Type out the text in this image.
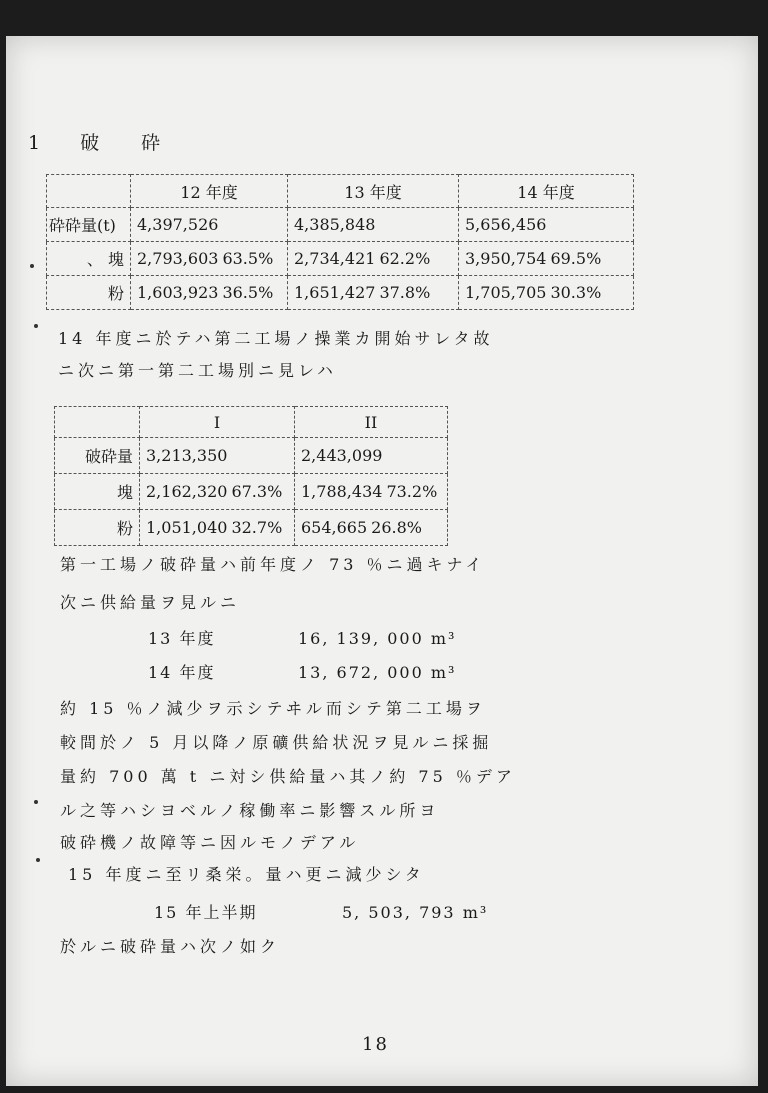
1 破 砕
	12 年度	13 年度	14 年度
砕砕量(t)	4,397,526	4,385,848	5,656,456
、 塊	2,793,603 63.5%	2,734,421 62.2%	3,950,754 69.5%
粉	1,603,923 36.5%	1,651,427 37.8%	1,705,705 30.3%
14 年度ニ於テハ第二工場ノ操業カ開始サレタ故
ニ次ニ第一第二工場別ニ見レハ
	I	II
破砕量	3,213,350	2,443,099
塊	2,162,320 67.3%	1,788,434 73.2%
粉	1,051,040 32.7%	654,665 26.8%
第一工場ノ破砕量ハ前年度ノ 73 ％ニ過キナイ
次ニ供給量ヲ見ルニ
13 年度	16, 139, 000 m³
14 年度	13, 672, 000 m³
約 15 ％ノ減少ヲ示シテヰル而シテ第二工場ヲ
較間於ノ 5 月以降ノ原礦供給状況ヲ見ルニ採掘
量約 700 萬 t ニ対シ供給量ハ其ノ約 75 ％デア
ル之等ハシヨベルノ稼働率ニ影響スル所ヨ
破砕機ノ故障等ニ因ルモノデアル
15 年度ニ至リ桑栄。量ハ更ニ減少シタ
15 年上半期	5, 503, 793 m³
於ルニ破砕量ハ次ノ如ク
18
